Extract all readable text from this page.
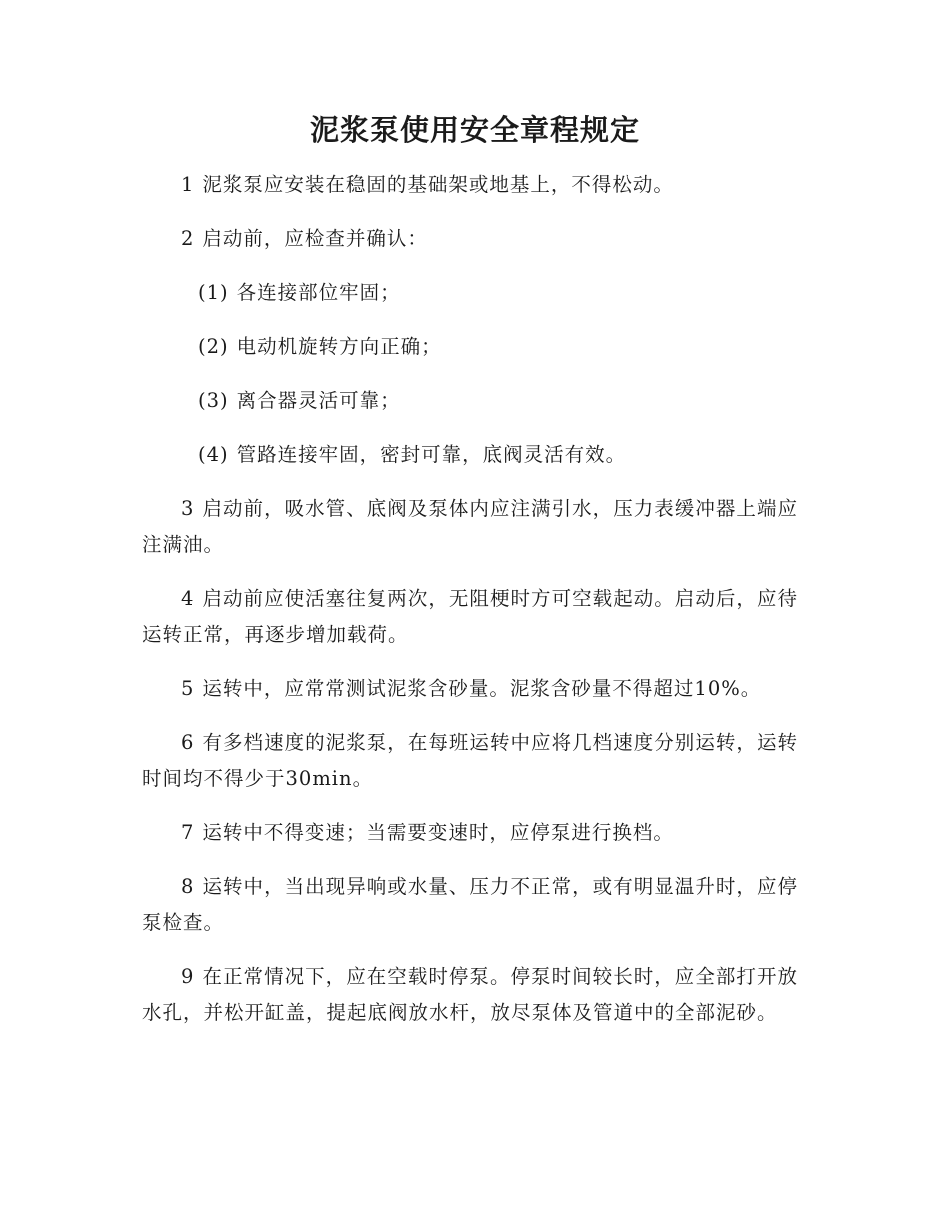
泥浆泵使用安全章程规定

1 泥浆泵应安装在稳固的基础架或地基上，不得松动。

2 启动前，应检查并确认：

(1) 各连接部位牢固；

(2) 电动机旋转方向正确；

(3) 离合器灵活可靠；

(4) 管路连接牢固，密封可靠，底阀灵活有效。

3 启动前，吸水管、底阀及泵体内应注满引水，压力表缓冲器上端应注满油。

4 启动前应使活塞往复两次，无阻梗时方可空载起动。启动后，应待运转正常，再逐步增加载荷。

5 运转中，应常常测试泥浆含砂量。泥浆含砂量不得超过10%。

6 有多档速度的泥浆泵，在每班运转中应将几档速度分别运转，运转时间均不得少于30min。

7 运转中不得变速；当需要变速时，应停泵进行换档。

8 运转中，当出现异响或水量、压力不正常，或有明显温升时，应停泵检查。

9 在正常情况下，应在空载时停泵。停泵时间较长时，应全部打开放水孔，并松开缸盖，提起底阀放水杆，放尽泵体及管道中的全部泥砂。
